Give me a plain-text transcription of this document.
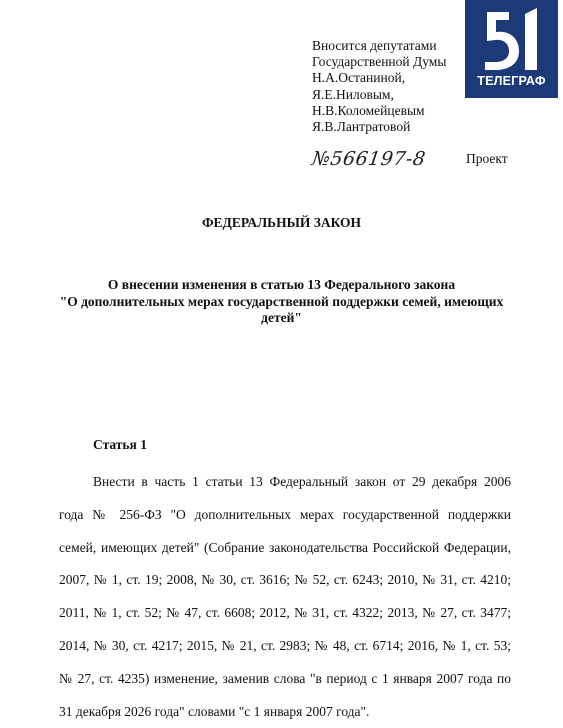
Вносится депутатами
Государственной Думы
Н.А.Останиной,
Я.Е.Ниловым,
Н.В.Коломейцевым
Я.В.Лантратовой
ТЕЛЕГРАФ
№566197-8	Проект
ФЕДЕРАЛЬНЫЙ ЗАКОН
О внесении изменения в статью 13 Федерального закона
"О дополнительных мерах государственной поддержки семей, имеющих
детей"
Статья 1
Внести в часть 1 статьи 13 Федеральный закон от 29 декабря 2006
года № 256-ФЗ "О дополнительных мерах государственной поддержки
семей, имеющих детей" (Собрание законодательства Российской Федерации,
2007, № 1, ст. 19; 2008, № 30, ст. 3616; № 52, ст. 6243; 2010, № 31, ст. 4210;
2011, № 1, ст. 52; № 47, ст. 6608; 2012, № 31, ст. 4322; 2013, № 27, ст. 3477;
2014, № 30, ст. 4217; 2015, № 21, ст. 2983; № 48, ст. 6714; 2016, № 1, ст. 53;
№ 27, ст. 4235) изменение, заменив слова "в период с 1 января 2007 года по
31 декабря 2026 года" словами "с 1 января 2007 года".
